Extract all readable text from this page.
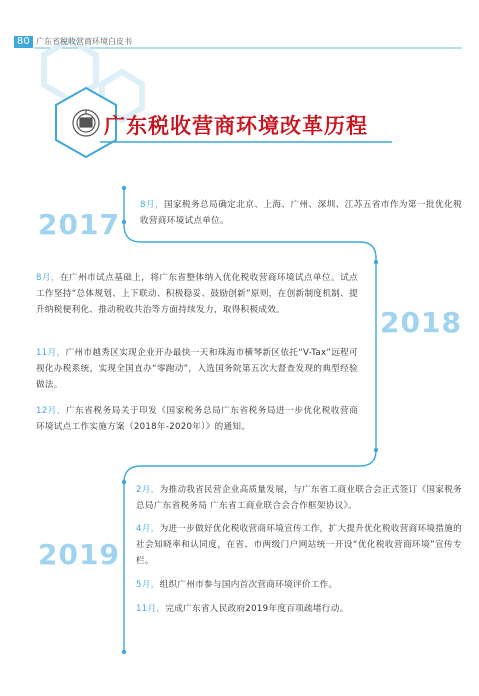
80 广东省税收营商环境白皮书
广东税收营商环境改革历程
2017
2018
2019

8月，国家税务总局确定北京、上海、广州、深圳、江苏五省市作为第一批优化税收营商环境试点单位。

8月，在广州市试点基础上，将广东省整体纳入优化税收营商环境试点单位。试点工作坚持“总体规划、上下联动、积极稳妥、鼓励创新”原则，在创新制度机制、提升纳税便利化、推动税收共治等方面持续发力，取得积极成效。

11月，广州市越秀区实现企业开办最快一天和珠海市横琴新区依托“V-Tax”远程可视化办税系统，实现全国直办“零跑动”，入选国务院第五次大督查发现的典型经验做法。

12月，广东省税务局关于印发《国家税务总局广东省税务局进一步优化税收营商环境试点工作实施方案（2018年-2020年）》的通知。

2月，为推动我省民营企业高质量发展，与广东省工商业联合会正式签订《国家税务总局广东省税务局 广东省工商业联合会合作框架协议》。

4月，为进一步做好优化税收营商环境宣传工作，扩大提升优化税收营商环境措施的社会知晓率和认同度，在省、市两级门户网站统一开设“优化税收营商环境”宣传专栏。

5月，组织广州市参与国内首次营商环境评价工作。

11月，完成广东省人民政府2019年度百项疏堵行动。
